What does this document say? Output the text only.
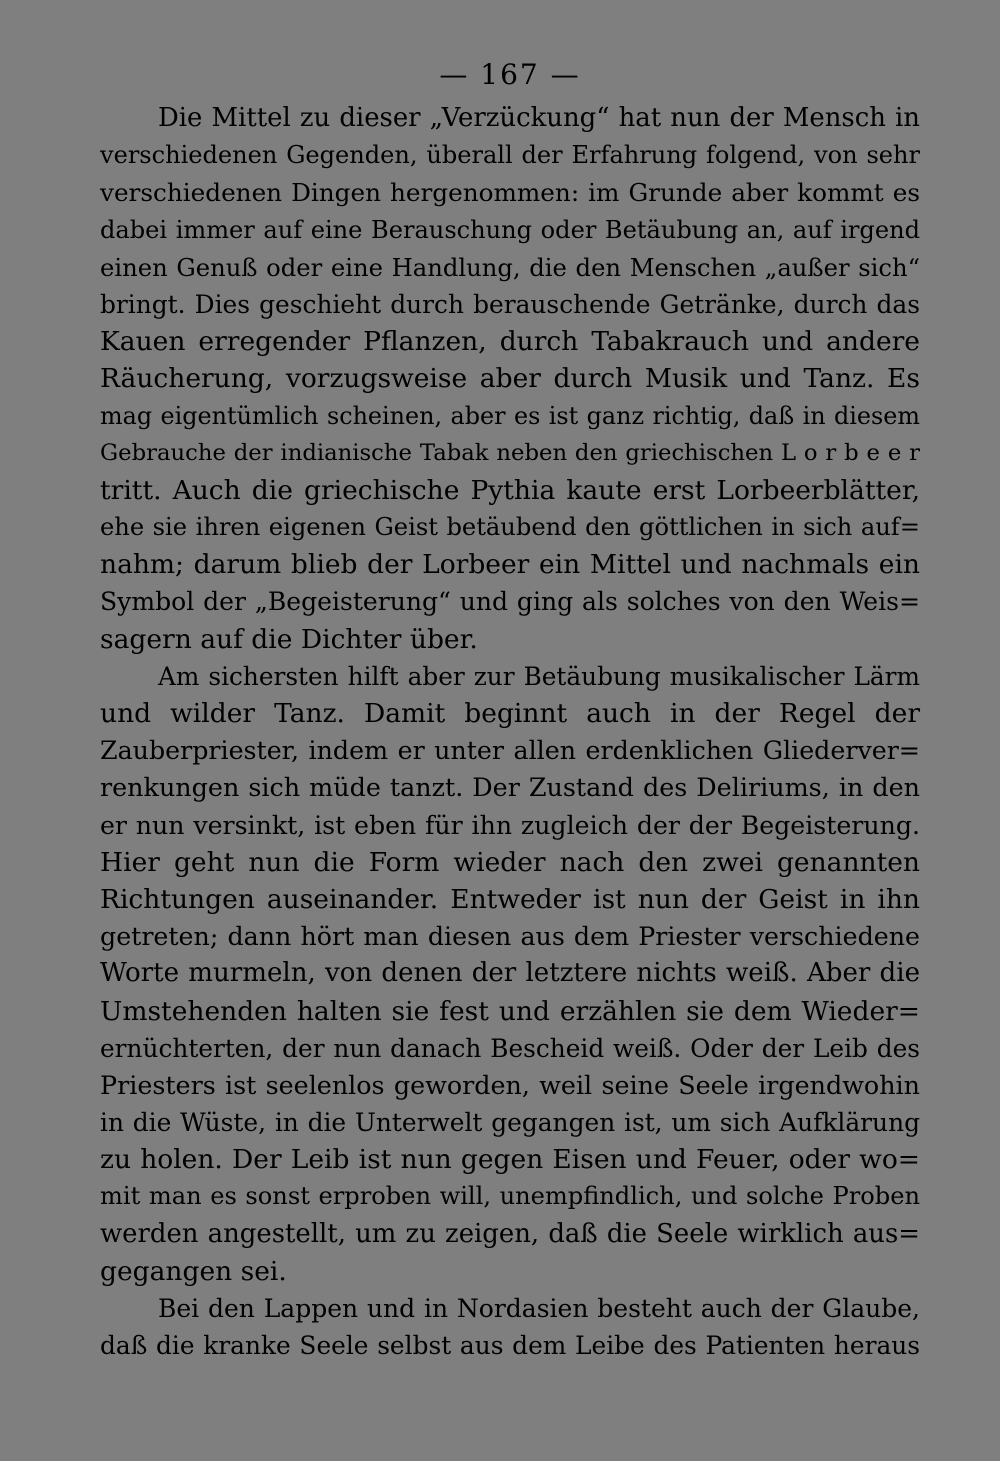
— 167 —
Die Mittel zu dieser „Verzückung“ hat nun der Mensch in
verschiedenen Gegenden, überall der Erfahrung folgend, von sehr
verschiedenen Dingen hergenommen: im Grunde aber kommt es
dabei immer auf eine Berauschung oder Betäubung an, auf irgend
einen Genuß oder eine Handlung, die den Menschen „außer sich“
bringt. Dies geschieht durch berauschende Getränke, durch das
Kauen erregender Pflanzen, durch Tabakrauch und andere
Räucherung, vorzugsweise aber durch Musik und Tanz. Es
mag eigentümlich scheinen, aber es ist ganz richtig, daß in diesem
Gebrauche der indianische Tabak neben den griechischen L o r b e e r
tritt. Auch die griechische Pythia kaute erst Lorbeerblätter,
ehe sie ihren eigenen Geist betäubend den göttlichen in sich auf=
nahm; darum blieb der Lorbeer ein Mittel und nachmals ein
Symbol der „Begeisterung“ und ging als solches von den Weis=
sagern auf die Dichter über.
Am sichersten hilft aber zur Betäubung musikalischer Lärm
und wilder Tanz. Damit beginnt auch in der Regel der
Zauberpriester, indem er unter allen erdenklichen Gliederver=
renkungen sich müde tanzt. Der Zustand des Deliriums, in den
er nun versinkt, ist eben für ihn zugleich der der Begeisterung.
Hier geht nun die Form wieder nach den zwei genannten
Richtungen auseinander. Entweder ist nun der Geist in ihn
getreten; dann hört man diesen aus dem Priester verschiedene
Worte murmeln, von denen der letztere nichts weiß. Aber die
Umstehenden halten sie fest und erzählen sie dem Wieder=
ernüchterten, der nun danach Bescheid weiß. Oder der Leib des
Priesters ist seelenlos geworden, weil seine Seele irgendwohin
in die Wüste, in die Unterwelt gegangen ist, um sich Aufklärung
zu holen. Der Leib ist nun gegen Eisen und Feuer, oder wo=
mit man es sonst erproben will, unempfindlich, und solche Proben
werden angestellt, um zu zeigen, daß die Seele wirklich aus=
gegangen sei.
Bei den Lappen und in Nordasien besteht auch der Glaube,
daß die kranke Seele selbst aus dem Leibe des Patienten heraus
